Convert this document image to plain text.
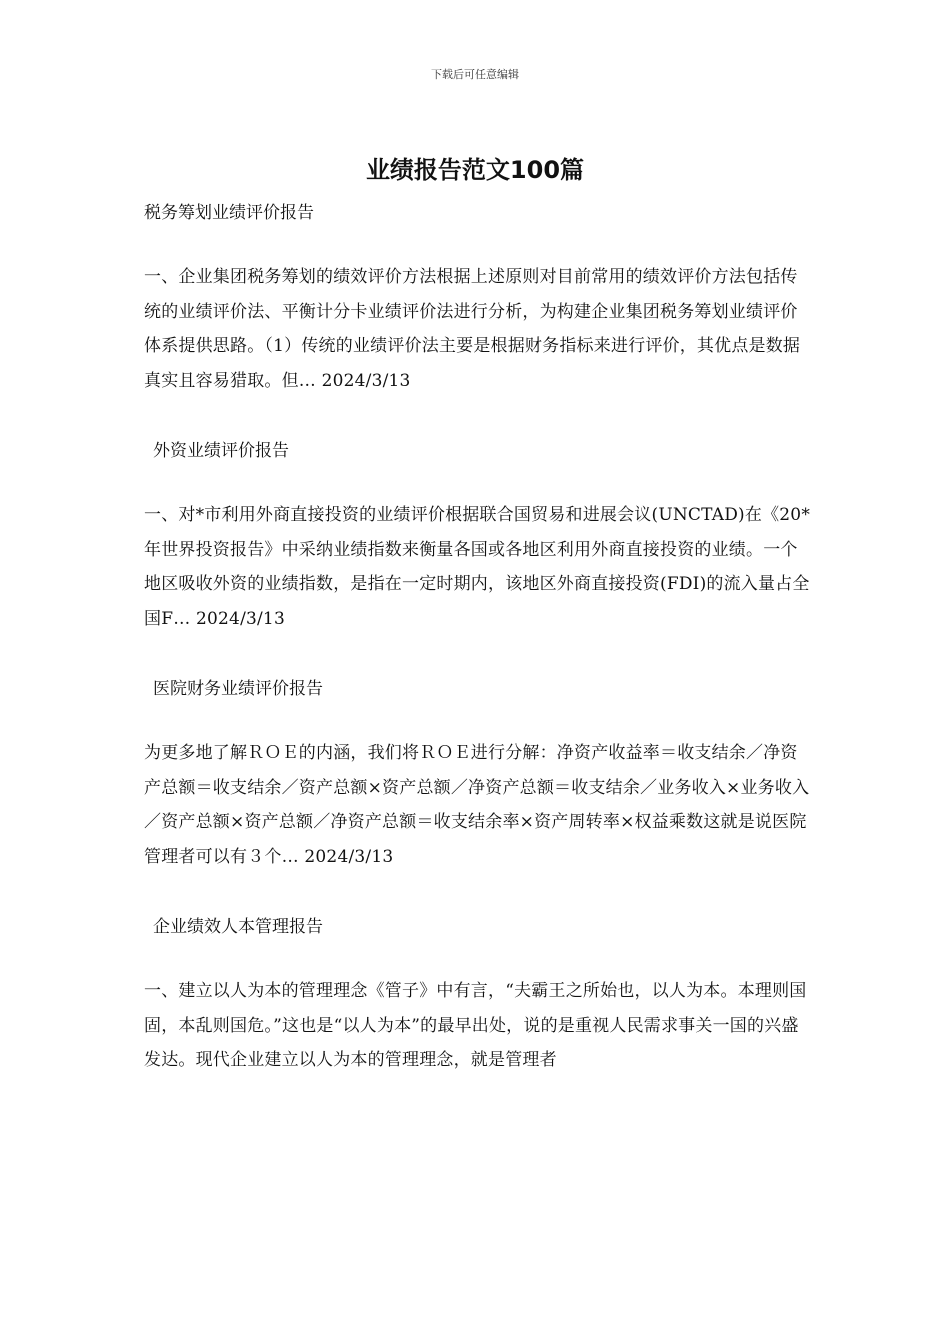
下载后可任意编辑
业绩报告范文100篇

税务筹划业绩评价报告

一、企业集团税务筹划的绩效评价方法根据上述原则对目前常用的绩效评价方法包括传统的业绩评价法、平衡计分卡业绩评价法进行分析，为构建企业集团税务筹划业绩评价体系提供思路。（1）传统的业绩评价法主要是根据财务指标来进行评价，其优点是数据真实且容易猎取。但… 2024/3/13

外资业绩评价报告

一、对*市利用外商直接投资的业绩评价根据联合国贸易和进展会议(UNCTAD)在《20*年世界投资报告》中采纳业绩指数来衡量各国或各地区利用外商直接投资的业绩。一个地区吸收外资的业绩指数，是指在一定时期内，该地区外商直接投资(FDI)的流入量占全国F… 2024/3/13

医院财务业绩评价报告

为更多地了解ＲＯＥ的内涵，我们将ＲＯＥ进行分解：净资产收益率＝收支结余／净资产总额＝收支结余／资产总额×资产总额／净资产总额＝收支结余／业务收入×业务收入／资产总额×资产总额／净资产总额＝收支结余率×资产周转率×权益乘数这就是说医院管理者可以有３个… 2024/3/13

企业绩效人本管理报告

一、建立以人为本的管理理念《管子》中有言，“夫霸王之所始也，以人为本。本理则国固，本乱则国危。”这也是“以人为本”的最早出处，说的是重视人民需求事关一国的兴盛发达。现代企业建立以人为本的管理理念，就是管理者
